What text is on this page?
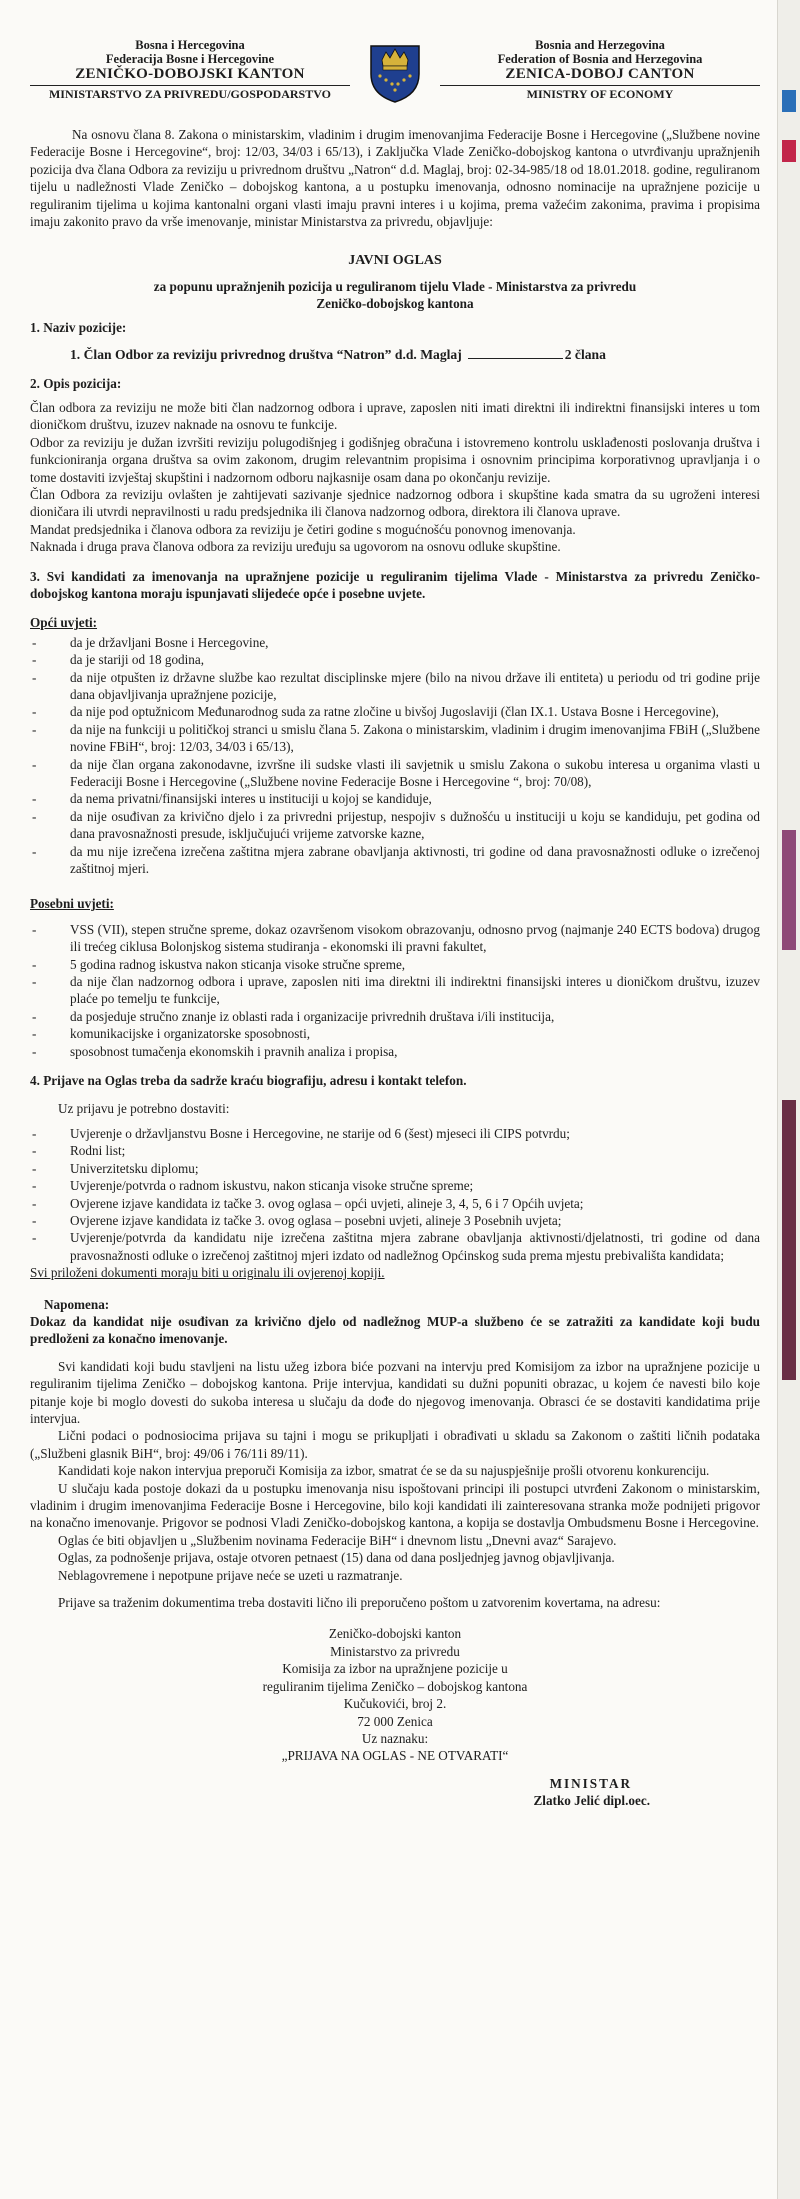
Bosna i Hercegovina
Federacija Bosne i Hercegovine
ZENIČKO-DOBOJSKI KANTON
MINISTARSTVO ZA PRIVREDU/GOSPODARSTVO
Bosnia and Herzegovina
Federation of Bosnia and Herzegovina
ZENICA-DOBOJ CANTON
MINISTRY OF ECONOMY

Na osnovu člana 8. Zakona o ministarskim, vladinim i drugim imenovanjima Federacije Bosne i Hercegovine („Službene novine Federacije Bosne i Hercegovine“, broj: 12/03, 34/03 i 65/13), i Zaključka Vlade Zeničko-dobojskog kantona o utvrđivanju upražnjenih pozicija dva člana Odbora za reviziju u privrednom društvu „Natron“ d.d. Maglaj, broj: 02-34-985/18 od 18.01.2018. godine, reguliranom tijelu u nadležnosti Vlade Zeničko – dobojskog kantona, a u postupku imenovanja, odnosno nominacije na upražnjene pozicije u reguliranim tijelima u kojima kantonalni organi vlasti imaju pravni interes i u kojima, prema važećim zakonima, pravima i propisima imaju zakonito pravo da vrše imenovanje, ministar Ministarstva za privredu, objavljuje:

JAVNI OGLAS
za popunu upražnjenih pozicija u reguliranom tijelu Vlade - Ministarstva za privredu
Zeničko-dobojskog kantona
1. Naziv pozicije:
1. Član Odbor za reviziju privrednog društva “Natron” d.d. Maglaj	2 člana
2. Opis pozicija:

Član odbora za reviziju ne može biti član nadzornog odbora i uprave, zaposlen niti imati direktni ili indirektni finansijski interes u tom dioničkom društvu, izuzev naknade na osnovu te funkcije.

Odbor za reviziju je dužan izvršiti reviziju polugodišnjeg i godišnjeg obračuna i istovremeno kontrolu usklađenosti poslovanja društva i funkcioniranja organa društva sa ovim zakonom, drugim relevantnim propisima i osnovnim principima korporativnog upravljanja i o tome dostaviti izvještaj skupštini i nadzornom odboru najkasnije osam dana po okončanju revizije.

Član Odbora za reviziju ovlašten je zahtijevati sazivanje sjednice nadzornog odbora i skupštine kada smatra da su ugroženi interesi dioničara ili utvrdi nepravilnosti u radu predsjednika ili članova nadzornog odbora, direktora ili članova uprave.

Mandat predsjednika i članova odbora za reviziju je četiri godine s mogućnošću ponovnog imenovanja.

Naknada i druga prava članova odbora za reviziju uređuju sa ugovorom na osnovu odluke skupštine.

3. Svi kandidati za imenovanja na upražnjene pozicije u reguliranim tijelima Vlade - Ministarstva za privredu Zeničko-dobojskog kantona moraju ispunjavati slijedeće opće i posebne uvjete.

Opći uvjeti:
- da je državljani Bosne i Hercegovine,
- da je stariji od 18 godina,
- da nije otpušten iz državne službe kao rezultat disciplinske mjere (bilo na nivou države ili entiteta) u periodu od tri godine prije dana objavljivanja upražnjene pozicije,
- da nije pod optužnicom Međunarodnog suda za ratne zločine u bivšoj Jugoslaviji (član IX.1. Ustava Bosne i Hercegovine),
- da nije na funkciji u političkoj stranci u smislu člana 5. Zakona o ministarskim, vladinim i drugim imenovanjima FBiH („Službene novine FBiH“, broj: 12/03, 34/03 i 65/13),
- da nije član organa zakonodavne, izvršne ili sudske vlasti ili savjetnik u smislu Zakona o sukobu interesa u organima vlasti u Federaciji Bosne i Hercegovine („Službene novine Federacije Bosne i Hercegovine “, broj: 70/08),
- da nema privatni/finansijski interes u instituciji u kojoj se kandiduje,
- da nije osuđivan za krivično djelo i za privredni prijestup, nespojiv s dužnošću u instituciji u koju se kandiduju, pet godina od dana pravosnažnosti presude, isključujući vrijeme zatvorske kazne,
- da mu nije izrečena izrečena zaštitna mjera zabrane obavljanja aktivnosti, tri godine od dana pravosnažnosti odluke o izrečenoj zaštitnoj mjeri.
Posebni uvjeti:
- VSS (VII), stepen stručne spreme, dokaz ozavršenom visokom obrazovanju, odnosno prvog (najmanje 240 ECTS bodova) drugog ili trećeg ciklusa Bolonjskog sistema studiranja - ekonomski ili pravni fakultet,
- 5 godina radnog iskustva nakon sticanja visoke stručne spreme,
- da nije član nadzornog odbora i uprave, zaposlen niti ima direktni ili indirektni finansijski interes u dioničkom društvu, izuzev plaće po temelju te funkcije,
- da posjeduje stručno znanje iz oblasti rada i organizacije privrednih društava i/ili institucija,
- komunikacijske i organizatorske sposobnosti,
- sposobnost tumačenja ekonomskih i pravnih analiza i propisa,
4. Prijave na Oglas treba da sadrže kraću biografiju, adresu i kontakt telefon.
Uz prijavu je potrebno dostaviti:
- Uvjerenje o državljanstvu Bosne i Hercegovine, ne starije od 6 (šest) mjeseci ili CIPS potvrdu;
- Rodni list;
- Univerzitetsku diplomu;
- Uvjerenje/potvrda o radnom iskustvu, nakon sticanja visoke stručne spreme;
- Ovjerene izjave kandidata iz tačke 3. ovog oglasa – opći uvjeti, alineje 3, 4, 5, 6 i 7 Općih uvjeta;
- Ovjerene izjave kandidata iz tačke 3. ovog oglasa – posebni uvjeti, alineje 3 Posebnih uvjeta;
- Uvjerenje/potvrda da kandidatu nije izrečena zaštitna mjera zabrane obavljanja aktivnosti/djelatnosti, tri godine od dana pravosnažnosti odluke o izrečenoj zaštitnoj mjeri izdato od nadležnog Općinskog suda prema mjestu prebivališta kandidata;
Svi priloženi dokumenti moraju biti u originalu ili ovjerenoj kopiji.
Napomena:

Dokaz da kandidat nije osuđivan za krivično djelo od nadležnog MUP-a službeno će se zatražiti za kandidate koji budu predloženi za konačno imenovanje.

Svi kandidati koji budu stavljeni na listu užeg izbora biće pozvani na intervju pred Komisijom za izbor na upražnjene pozicije u reguliranim tijelima Zeničko – dobojskog kantona. Prije intervjua, kandidati su dužni popuniti obrazac, u kojem će navesti bilo koje pitanje koje bi moglo dovesti do sukoba interesa u slučaju da dođe do njegovog imenovanja. Obrasci će se dostaviti kandidatima prije intervjua.

Lični podaci o podnosiocima prijava su tajni i mogu se prikupljati i obrađivati u skladu sa Zakonom o zaštiti ličnih podataka („Službeni glasnik BiH“, broj: 49/06 i 76/11i 89/11).

Kandidati koje nakon intervjua preporuči Komisija za izbor, smatrat će se da su najuspješnije prošli otvorenu konkurenciju.

U slučaju kada postoje dokazi da u postupku imenovanja nisu ispoštovani principi ili postupci utvrđeni Zakonom o ministarskim, vladinim i drugim imenovanjima Federacije Bosne i Hercegovine, bilo koji kandidati ili zainteresovana stranka može podnijeti prigovor na konačno imenovanje. Prigovor se podnosi Vladi Zeničko-dobojskog kantona, a kopija se dostavlja Ombudsmenu Bosne i Hercegovine.

Oglas će biti objavljen u „Službenim novinama Federacije BiH“ i dnevnom listu „Dnevni avaz“ Sarajevo.

Oglas, za podnošenje prijava, ostaje otvoren petnaest (15) dana od dana posljednjeg javnog objavljivanja.

Neblagovremene i nepotpune prijave neće se uzeti u razmatranje.

Prijave sa traženim dokumentima treba dostaviti lično ili preporučeno poštom u zatvorenim kovertama, na adresu:

Zeničko-dobojski kanton
Ministarstvo za privredu
Komisija za izbor na upražnjene pozicije u
reguliranim tijelima Zeničko – dobojskog kantona
Kučukovići, broj 2.
72 000 Zenica
Uz naznaku:
„PRIJAVA NA OGLAS - NE OTVARATI“
MINISTAR
Zlatko Jelić dipl.oec.
